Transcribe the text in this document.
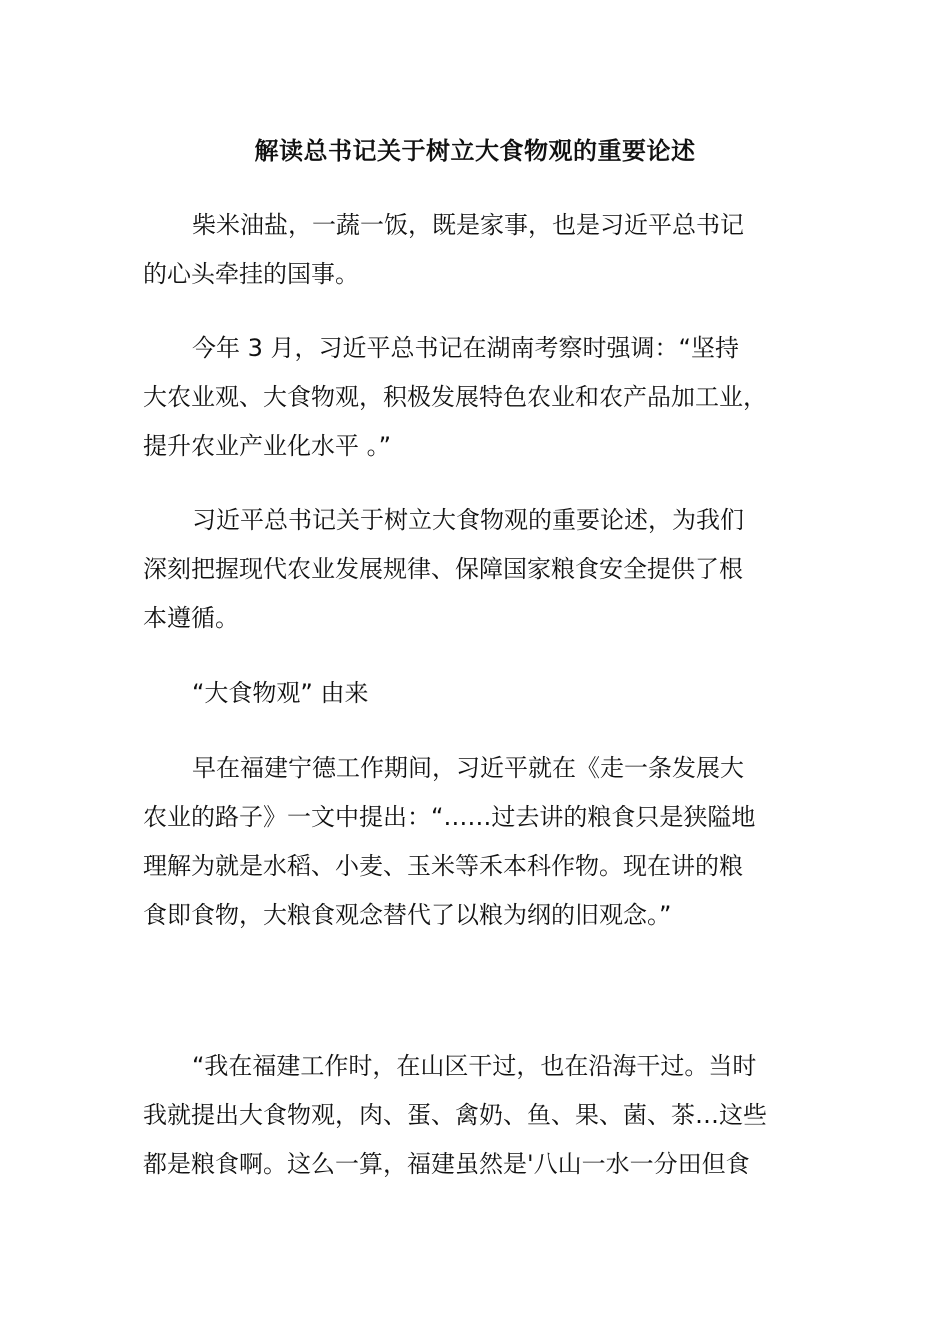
解读总书记关于树立大食物观的重要论述
柴米油盐，一蔬一饭，既是家事，也是习近平总书记
的心头牵挂的国事。
今年 3 月，习近平总书记在湖南考察时强调：“坚持
大农业观、大食物观，积极发展特色农业和农产品加工业，
提升农业产业化水平 。”
习近平总书记关于树立大食物观的重要论述，为我们
深刻把握现代农业发展规律、保障国家粮食安全提供了根
本遵循。
“大食物观” 由来
早在福建宁德工作期间，习近平就在《走一条发展大
农业的路子》一文中提出：“……过去讲的粮食只是狭隘地
理解为就是水稻、小麦、玉米等禾本科作物。现在讲的粮
食即食物，大粮食观念替代了以粮为纲的旧观念。”
“我在福建工作时，在山区干过，也在沿海干过。当时
我就提出大食物观，肉、蛋、禽奶、鱼、果、菌、茶…这些
都是粮食啊。这么一算，福建虽然是'八山一水一分田但食
